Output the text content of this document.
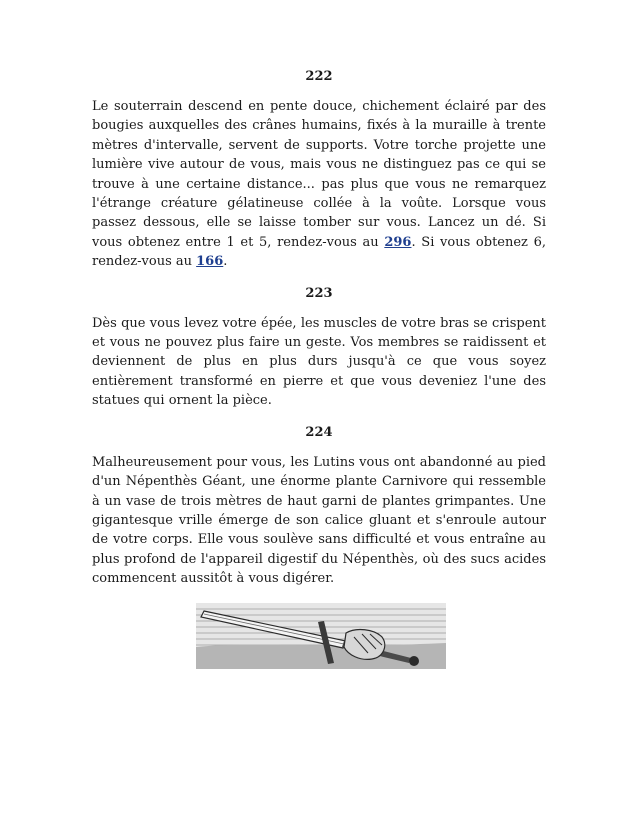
222

Le souterrain descend en pente douce, chichement éclairé par des bougies auxquelles des crânes humains, fixés à la muraille à trente mètres d'intervalle, servent de supports. Votre torche projette une lumière vive autour de vous, mais vous ne distinguez pas ce qui se trouve à une certaine distance... pas plus que vous ne remarquez l'étrange créature gélatineuse collée à la voûte. Lorsque vous passez dessous, elle se laisse tomber sur vous. Lancez un dé. Si vous obtenez entre 1 et 5, rendez-vous au 296. Si vous obtenez 6, rendez-vous au 166.

223

Dès que vous levez votre épée, les muscles de votre bras se crispent et vous ne pouvez plus faire un geste. Vos membres se raidissent et deviennent de plus en plus durs jusqu'à ce que vous soyez entièrement transformé en pierre et que vous deveniez l'une des statues qui ornent la pièce.

224

Malheureusement pour vous, les Lutins vous ont abandonné au pied d'un Népenthès Géant, une énorme plante Carnivore qui ressemble à un vase de trois mètres de haut garni de plantes grimpantes. Une gigantesque vrille émerge de son calice gluant et s'enroule autour de votre corps. Elle vous soulève sans difficulté et vous entraîne au plus profond de l'appareil digestif du Népenthès, où des sucs acides commencent aussitôt à vous digérer.
